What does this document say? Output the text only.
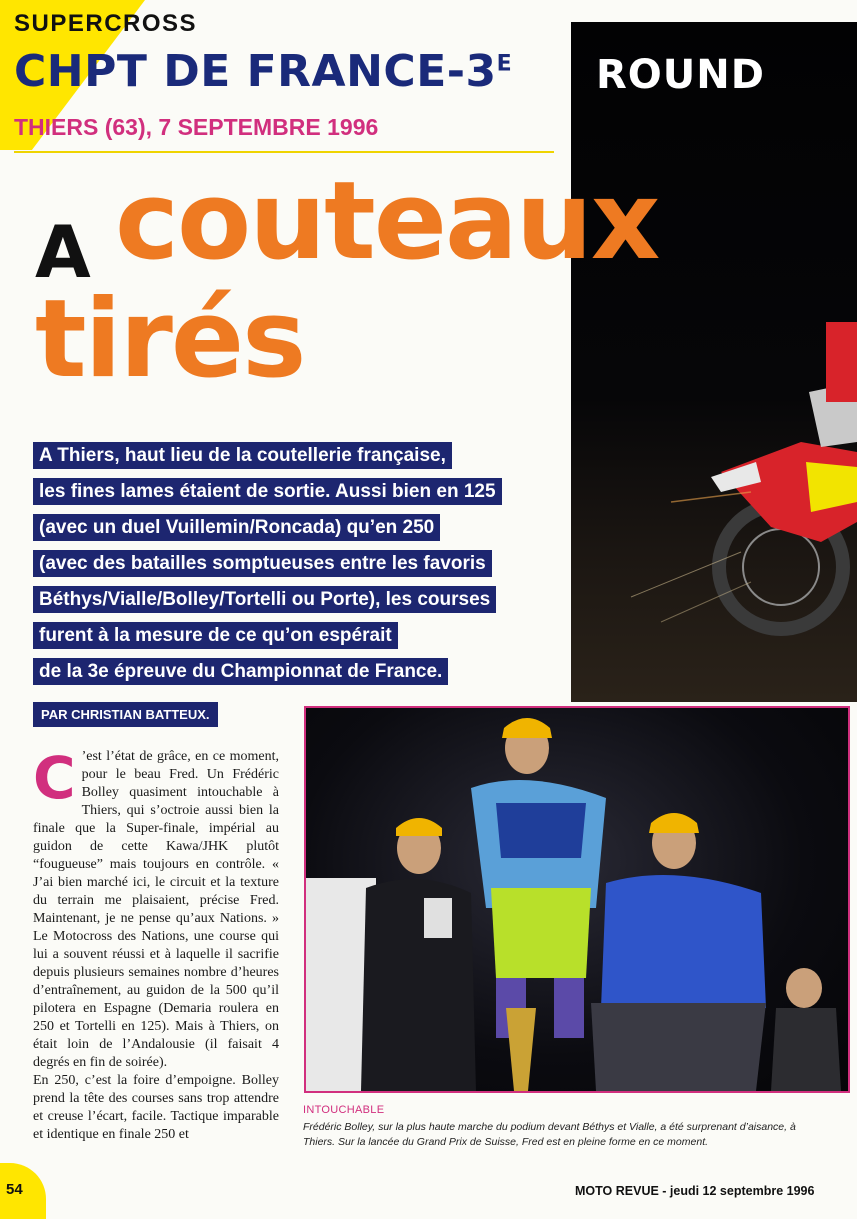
SUPERCROSS
CHPT DE FRANCE-$3^E$ ROUND
THIERS (63), 7 SEPTEMBRE 1996
A couteaux
tirés
A Thiers, haut lieu de la coutellerie française,
les fines lames étaient de sortie. Aussi bien en 125
(avec un duel Vuillemin/Roncada) qu’en 250
(avec des batailles somptueuses entre les favoris
Béthys/Vialle/Bolley/Tortelli ou Porte), les courses
furent à la mesure de ce qu’on espérait
de la 3e épreuve du Championnat de France.
PAR CHRISTIAN BATTEUX.
C ’est l’état de grâce, en ce moment, pour le beau Fred. Un Frédéric Bolley quasiment intouchable à Thiers, qui s’octroie aussi bien la finale que la Super-finale, impérial au guidon de cette Kawa/JHK plutôt “fougueuse” mais toujours en contrôle. « J’ai bien marché ici, le circuit et la texture du terrain me plaisaient, précise Fred. Maintenant, je ne pense qu’aux Nations. » Le Motocross des Nations, une course qui lui a souvent réussi et à laquelle il sacrifie depuis plusieurs semaines nombre d’heures d’entraînement, au guidon de la 500 qu’il pilotera en Espagne (Demaria roulera en 250 et Tortelli en 125). Mais à Thiers, on était loin de l’Andalousie (il faisait 4 degrés en fin de soirée).

En 250, c’est la foire d’empoigne. Bolley prend la tête des courses sans trop attendre et creuse l’écart, facile. Tactique imparable et identique en finale 250 et

INTOUCHABLE
Frédéric Bolley, sur la plus haute marche du podium devant Béthys et Vialle, a été surprenant d’aisance, à Thiers. Sur la lancée du Grand Prix de Suisse, Fred est en pleine forme en ce moment.
54	MOTO REVUE - jeudi 12 septembre 1996
